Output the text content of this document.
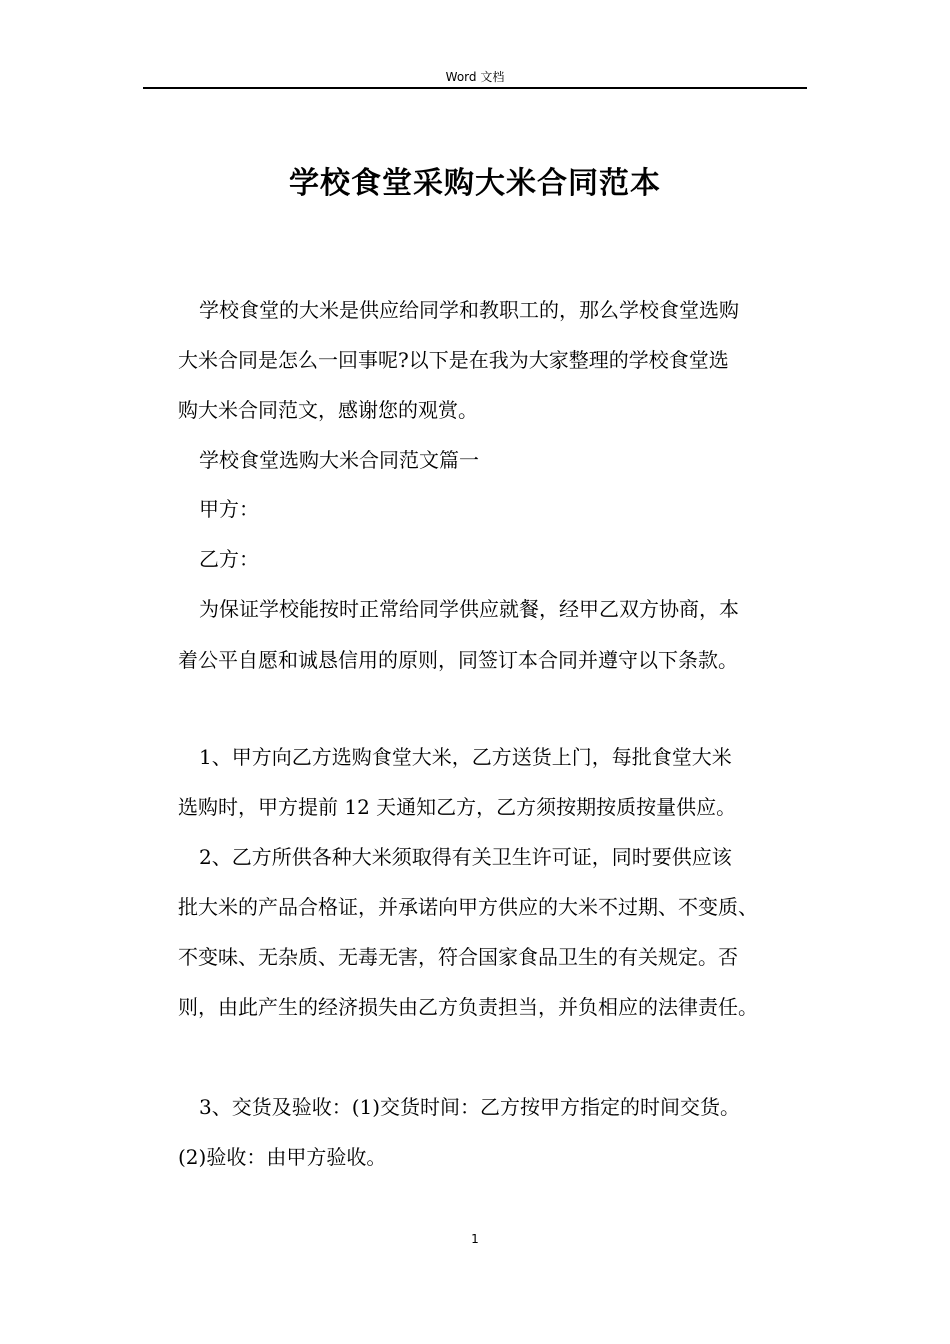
Word 文档
学校食堂采购大米合同范本
学校食堂的大米是供应给同学和教职工的，那么学校食堂选购
大米合同是怎么一回事呢?以下是在我为大家整理的学校食堂选
购大米合同范文，感谢您的观赏。
学校食堂选购大米合同范文篇一
甲方：
乙方：
为保证学校能按时正常给同学供应就餐，经甲乙双方协商，本
着公平自愿和诚恳信用的原则，同签订本合同并遵守以下条款。
1、甲方向乙方选购食堂大米，乙方送货上门，每批食堂大米
选购时，甲方提前 12 天通知乙方，乙方须按期按质按量供应。
2、乙方所供各种大米须取得有关卫生许可证，同时要供应该
批大米的产品合格证，并承诺向甲方供应的大米不过期、不变质、
不变味、无杂质、无毒无害，符合国家食品卫生的有关规定。否
则，由此产生的经济损失由乙方负责担当，并负相应的法律责任。
3、交货及验收：(1)交货时间：乙方按甲方指定的时间交货。
(2)验收：由甲方验收。
1
